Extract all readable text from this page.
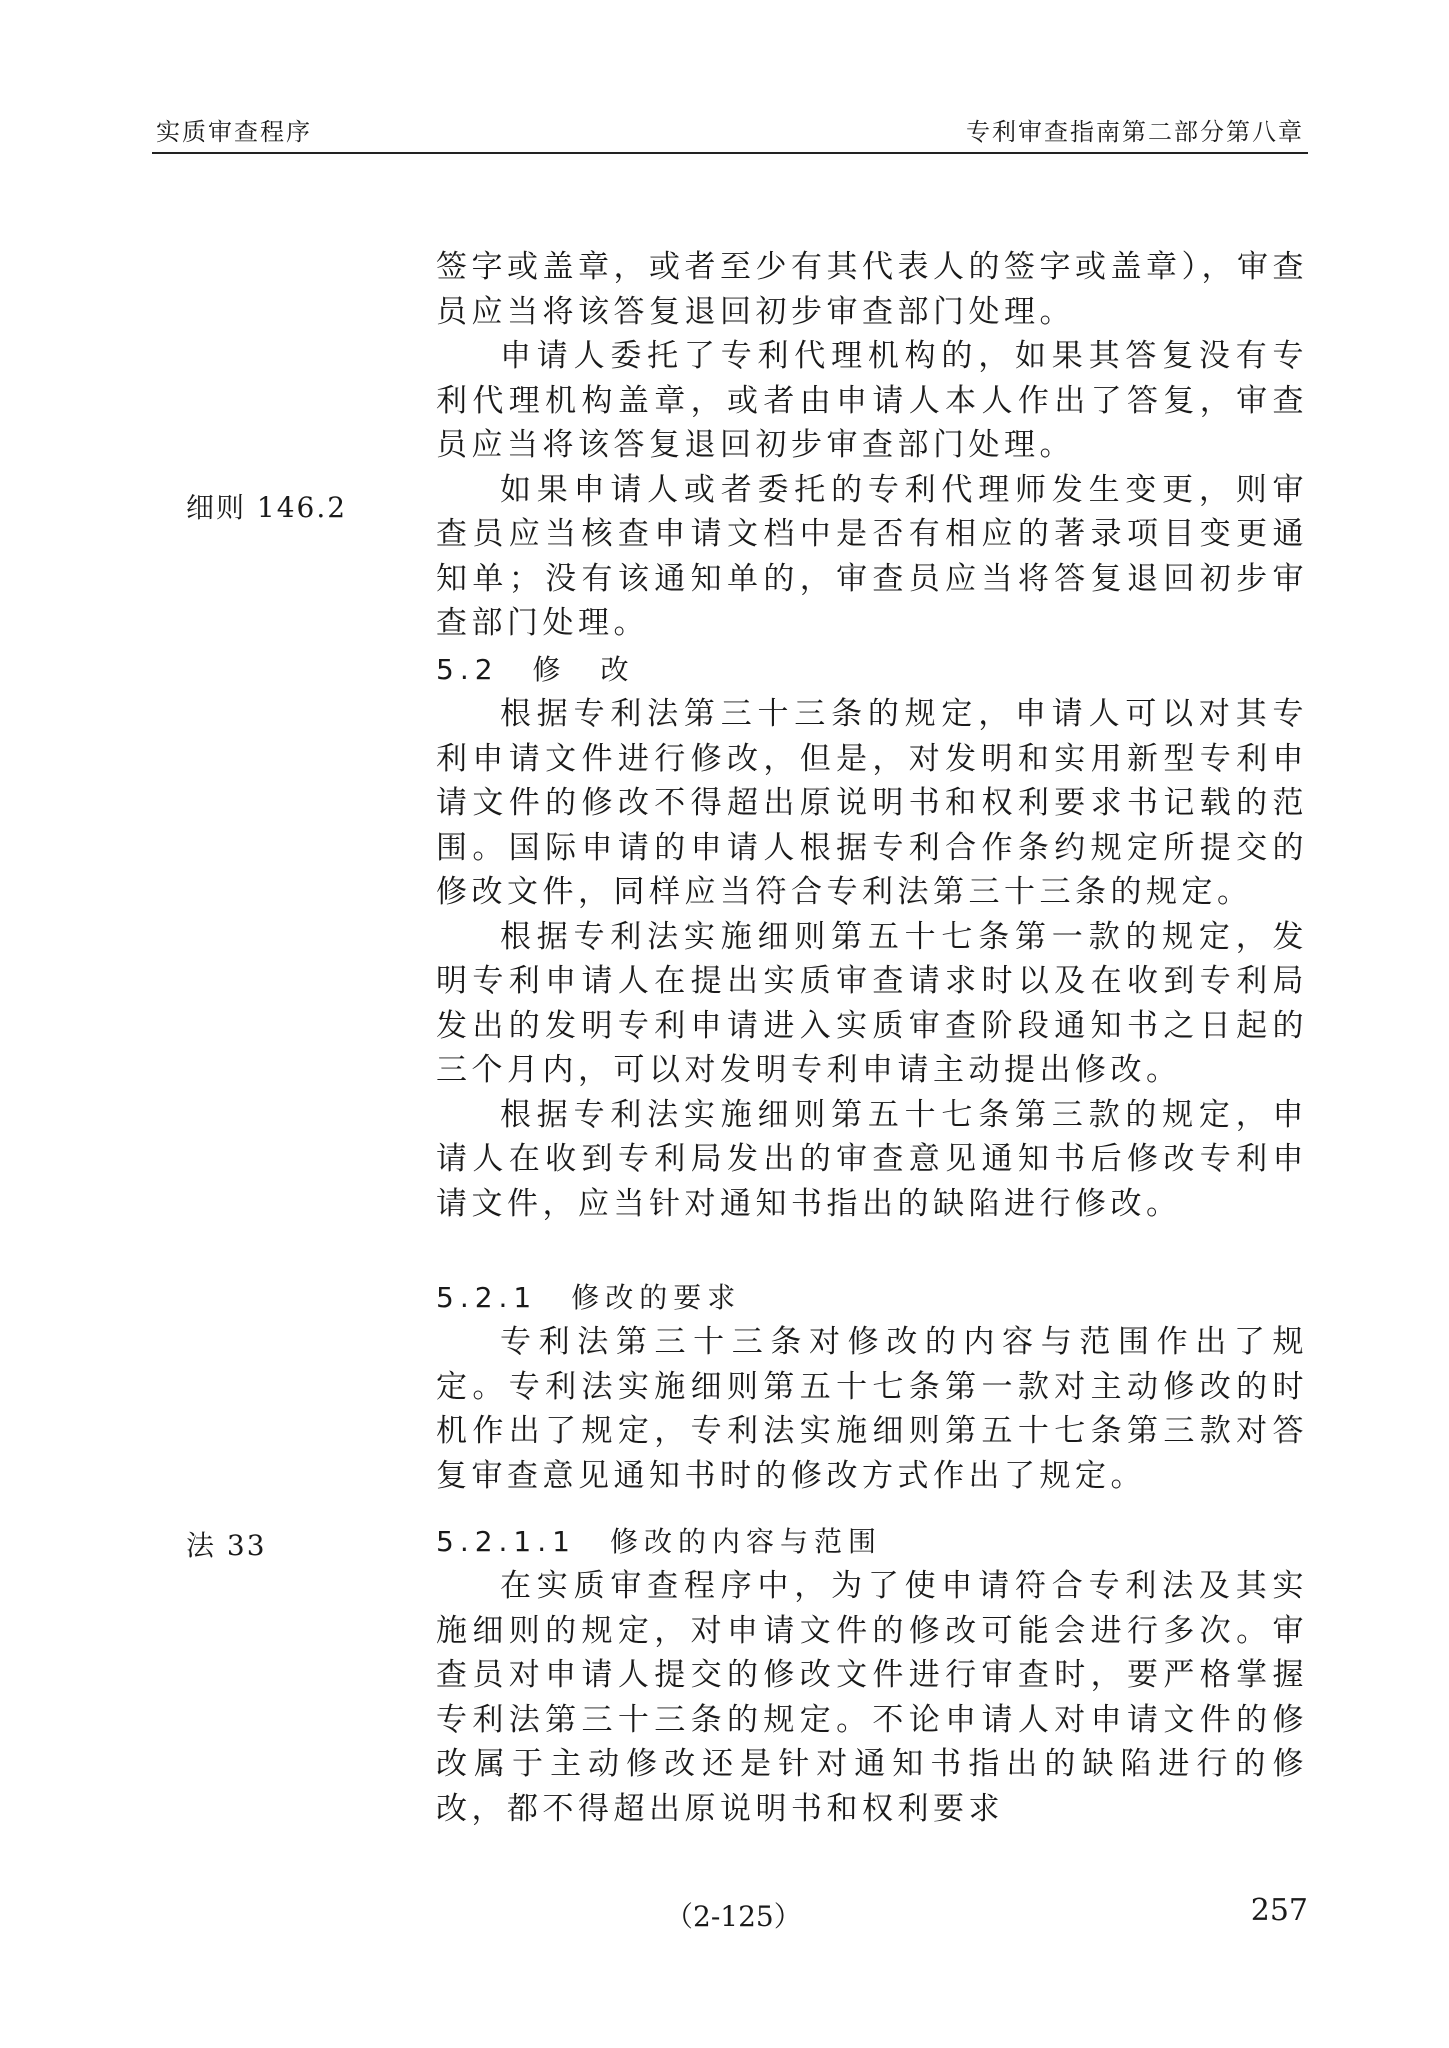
实质审查程序	专利审查指南第二部分第八章

签字或盖章，或者至少有其代表人的签字或盖章），审查员应当将该答复退回初步审查部门处理。

申请人委托了专利代理机构的，如果其答复没有专利代理机构盖章，或者由申请人本人作出了答复，审查员应当将该答复退回初步审查部门处理。

如果申请人或者委托的专利代理师发生变更，则审查员应当核查申请文档中是否有相应的著录项目变更通知单；没有该通知单的，审查员应当将答复退回初步审查部门处理。

细则 146.2

5.2　修　改

根据专利法第三十三条的规定，申请人可以对其专利申请文件进行修改，但是，对发明和实用新型专利申请文件的修改不得超出原说明书和权利要求书记载的范围。国际申请的申请人根据专利合作条约规定所提交的修改文件，同样应当符合专利法第三十三条的规定。

根据专利法实施细则第五十七条第一款的规定，发明专利申请人在提出实质审查请求时以及在收到专利局发出的发明专利申请进入实质审查阶段通知书之日起的三个月内，可以对发明专利申请主动提出修改。

根据专利法实施细则第五十七条第三款的规定，申请人在收到专利局发出的审查意见通知书后修改专利申请文件，应当针对通知书指出的缺陷进行修改。

5.2.1　修改的要求

专利法第三十三条对修改的内容与范围作出了规定。专利法实施细则第五十七条第一款对主动修改的时机作出了规定，专利法实施细则第五十七条第三款对答复审查意见通知书时的修改方式作出了规定。

法 33	5.2.1.1　修改的内容与范围

在实质审查程序中，为了使申请符合专利法及其实施细则的规定，对申请文件的修改可能会进行多次。审查员对申请人提交的修改文件进行审查时，要严格掌握专利法第三十三条的规定。不论申请人对申请文件的修改属于主动修改还是针对通知书指出的缺陷进行的修改，都不得超出原说明书和权利要求

（2-125）	257
